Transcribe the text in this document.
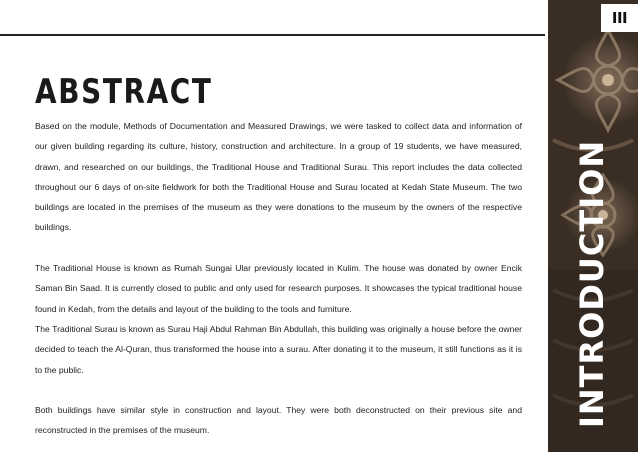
ABSTRACT

Based on the module, Methods of Documentation and Measured Drawings, we were tasked to collect data and information of our given building regarding its culture, history, construction and architecture. In a group of 19 students, we have measured, drawn, and researched on our buildings, the Traditional House and Traditional Surau. This report includes the data collected throughout our 6 days of on-site fieldwork for both the Traditional House and Surau located at Kedah State Museum. The two buildings are located in the premises of the museum as they were donations to the museum by the owners of the respective buildings.

The Traditional House is known as Rumah Sungai Ular previously located in Kulim. The house was donated by owner Encik Saman Bin Saad. It is currently closed to public and only used for research purposes. It showcases the typical traditional house found in Kedah, from the details and layout of the building to the tools and furniture.

The Traditional Surau is known as Surau Haji Abdul Rahman Bin Abdullah, this building was originally a house before the owner decided to teach the Al-Quran, thus transformed the house into a surau. After donating it to the museum, it still functions as it is to the public.

Both buildings have similar style in construction and layout. They were both deconstructed on their previous site and reconstructed in the premises of the museum.

INTRODUCTION
III
